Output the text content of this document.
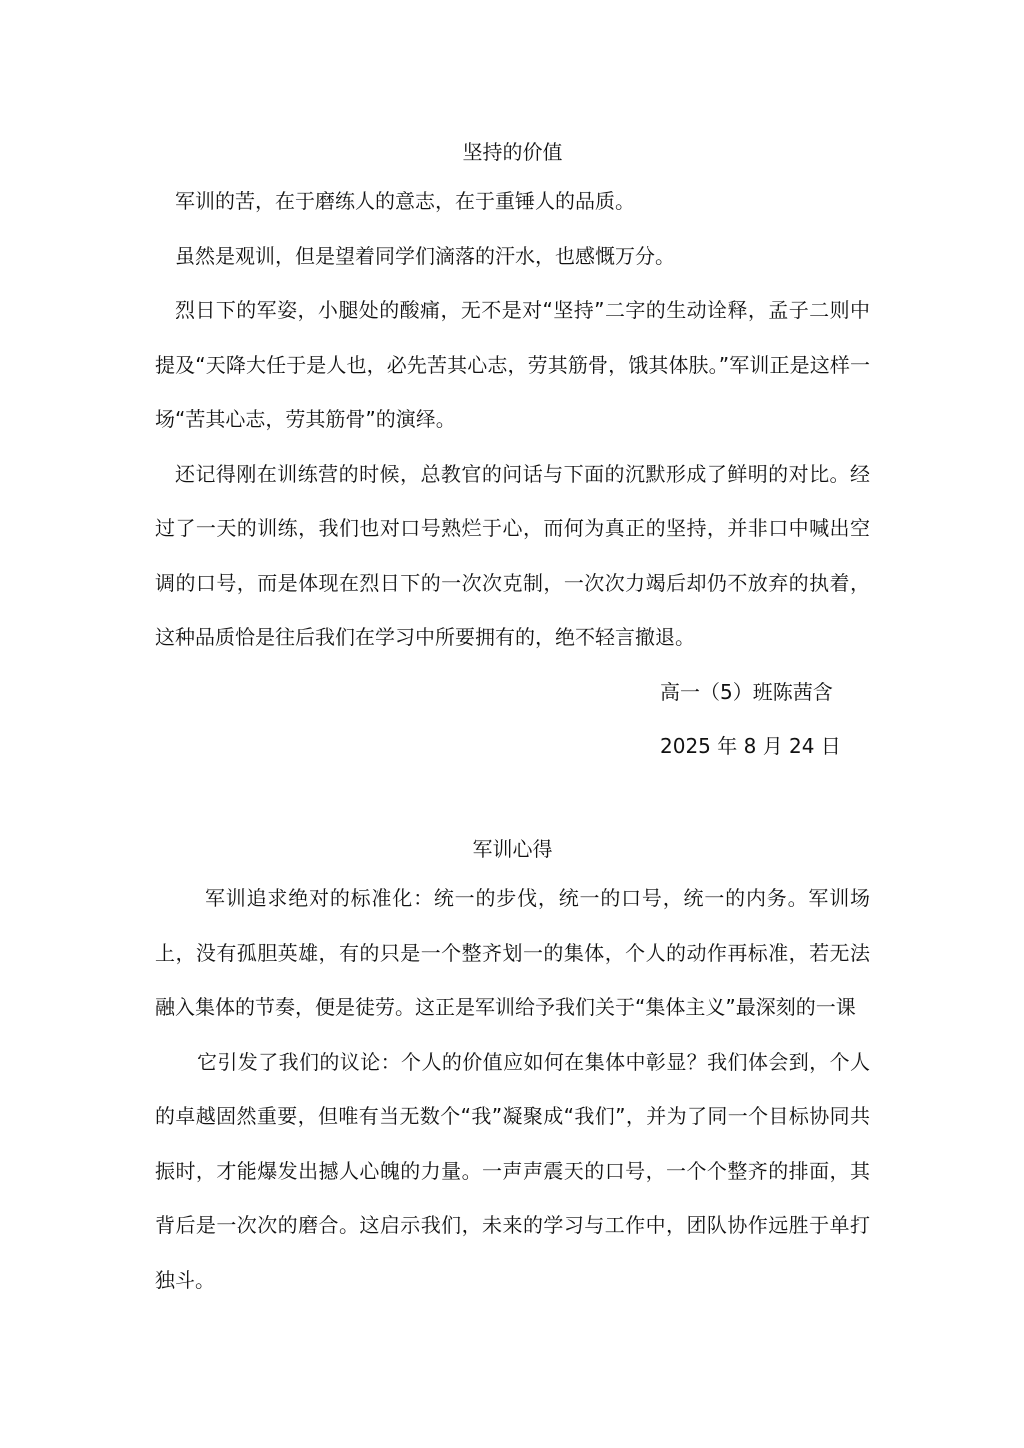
坚持的价值

军训的苦，在于磨练人的意志，在于重锤人的品质。

虽然是观训，但是望着同学们滴落的汗水，也感慨万分。

烈日下的军姿，小腿处的酸痛，无不是对“坚持”二字的生动诠释，孟子二则中提及“天降大任于是人也，必先苦其心志，劳其筋骨，饿其体肤。”军训正是这样一场“苦其心志，劳其筋骨”的演绎。

还记得刚在训练营的时候，总教官的问话与下面的沉默形成了鲜明的对比。经过了一天的训练，我们也对口号熟烂于心，而何为真正的坚持，并非口中喊出空调的口号，而是体现在烈日下的一次次克制，一次次力竭后却仍不放弃的执着，这种品质恰是往后我们在学习中所要拥有的，绝不轻言撤退。

高一（5）班陈茜含

2025 年 8 月 24 日

军训心得

军训追求绝对的标准化：统一的步伐，统一的口号，统一的内务。军训场上，没有孤胆英雄，有的只是一个整齐划一的集体，个人的动作再标准，若无法融入集体的节奏，便是徒劳。这正是军训给予我们关于“集体主义”最深刻的一课

它引发了我们的议论：个人的价值应如何在集体中彰显？我们体会到，个人的卓越固然重要，但唯有当无数个“我”凝聚成“我们”，并为了同一个目标协同共振时，才能爆发出撼人心魄的力量。一声声震天的口号，一个个整齐的排面，其背后是一次次的磨合。这启示我们，未来的学习与工作中，团队协作远胜于单打独斗。
